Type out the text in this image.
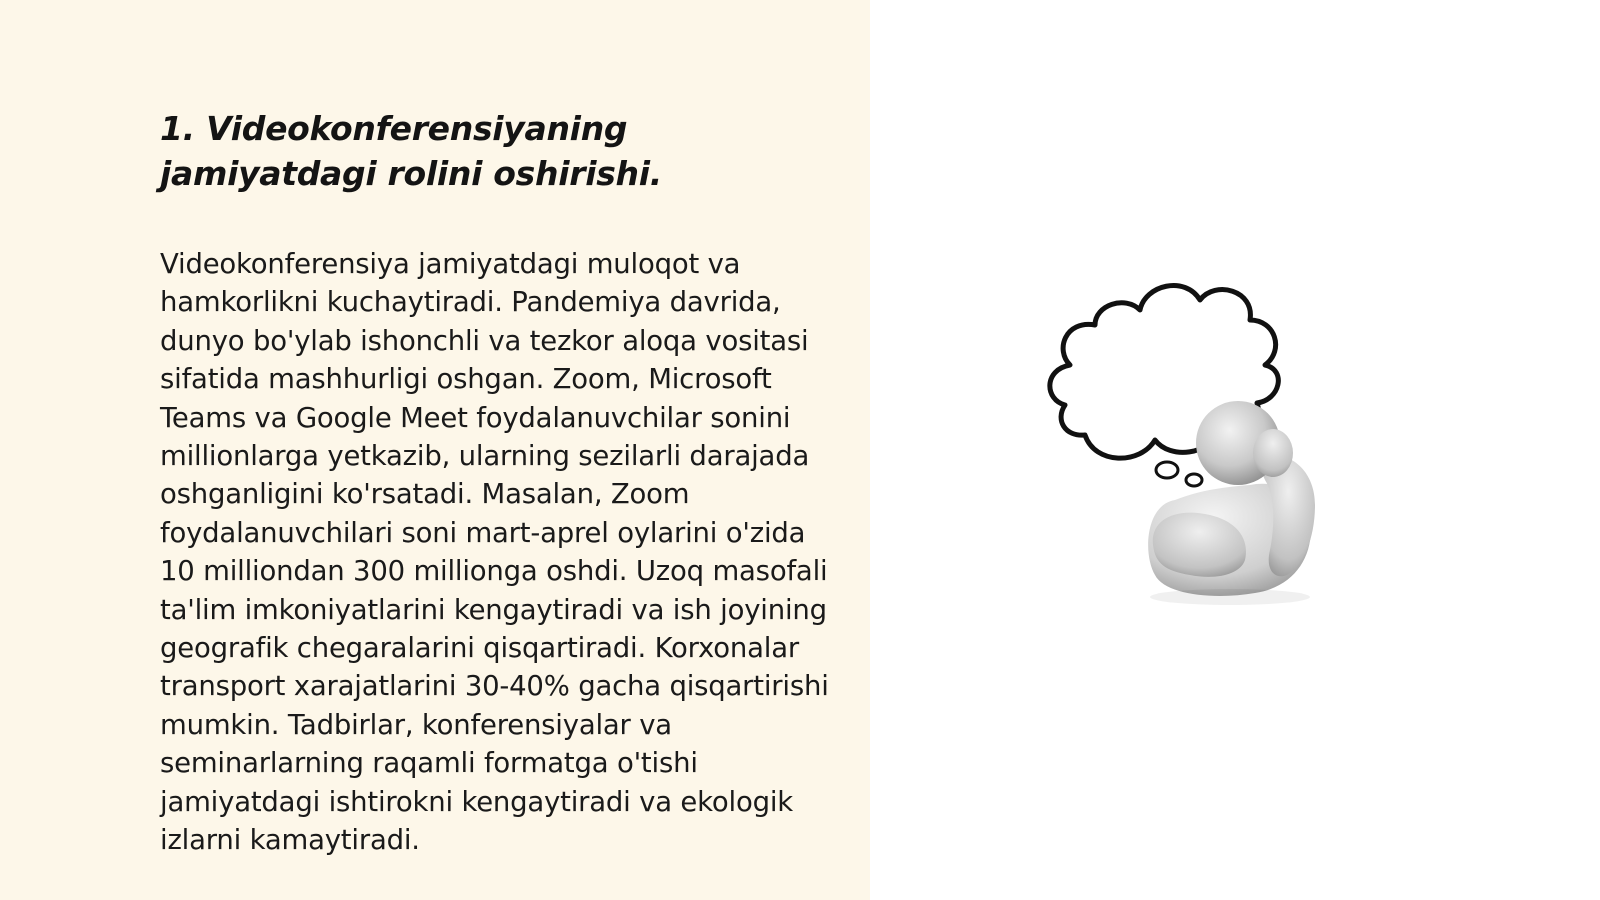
1. Videokonferensiyaning jamiyatdagi rolini oshirishi.

Videokonferensiya jamiyatdagi muloqot va hamkorlikni kuchaytiradi. Pandemiya davrida, dunyo bo'ylab ishonchli va tezkor aloqa vositasi sifatida mashhurligi oshgan. Zoom, Microsoft Teams va Google Meet foydalanuvchilar sonini millionlarga yetkazib, ularning sezilarli darajada oshganligini ko'rsatadi. Masalan, Zoom foydalanuvchilari soni mart-aprel oylarini o'zida 10 milliondan 300 millionga oshdi. Uzoq masofali ta'lim imkoniyatlarini kengaytiradi va ish joyining geografik chegaralarini qisqartiradi. Korxonalar transport xarajatlarini 30-40% gacha qisqartirishi mumkin. Tadbirlar, konferensiyalar va seminarlarning raqamli formatga o'tishi jamiyatdagi ishtirokni kengaytiradi va ekologik izlarni kamaytiradi.
